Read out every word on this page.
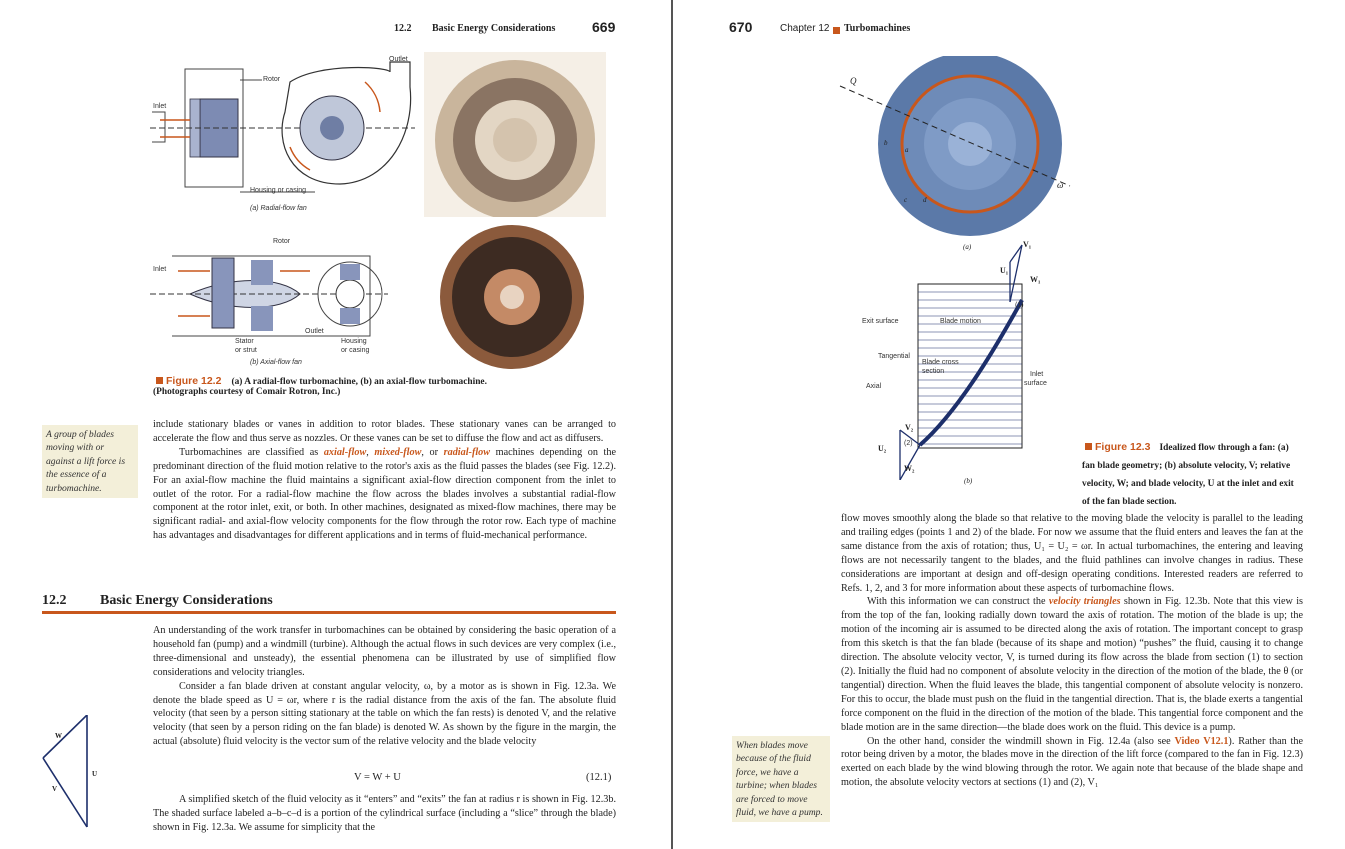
12.2 Basic Energy Considerations	669
Outlet
Rotor
Inlet
Housing or casing
(a) Radial-flow fan
Rotor
Inlet
Outlet
Stator
or strut
Housing
or casing
(b) Axial-flow fan
Figure 12.2 (a) A radial-flow turbomachine, (b) an axial-flow turbomachine.
(Photographs courtesy of Comair Rotron, Inc.)
A group of blades moving with or against a lift force is the essence of a turbomachine.

include stationary blades or vanes in addition to rotor blades. These stationary vanes can be arranged to accelerate the flow and thus serve as nozzles. Or these vanes can be set to diffuse the flow and act as diffusers.

Turbomachines are classified as axial-flow, mixed-flow, or radial-flow machines depending on the predominant direction of the fluid motion relative to the rotor's axis as the fluid passes the blades (see Fig. 12.2). For an axial-flow machine the fluid maintains a significant axial-flow direction component from the inlet to outlet of the rotor. For a radial-flow machine the flow across the blades involves a substantial radial-flow component at the rotor inlet, exit, or both. In other machines, designated as mixed-flow machines, there may be significant radial- and axial-flow velocity components for the flow through the rotor row. Each type of machine has advantages and disadvantages for different applications and in terms of fluid-mechanical performance.

12.2 Basic Energy Considerations

An understanding of the work transfer in turbomachines can be obtained by considering the basic operation of a household fan (pump) and a windmill (turbine). Although the actual flows in such devices are very complex (i.e., three-dimensional and unsteady), the essential phenomena can be illustrated by use of simplified flow considerations and velocity triangles.

Consider a fan blade driven at constant angular velocity, ω, by a motor as is shown in Fig. 12.3a. We denote the blade speed as U = ωr, where r is the radial distance from the axis of the fan. The absolute fluid velocity (that seen by a person sitting stationary at the table on which the fan rests) is denoted V, and the relative velocity (that seen by a person riding on the fan blade) is denoted W. As shown by the figure in the margin, the actual (absolute) fluid velocity is the vector sum of the relative velocity and the blade velocity

V = W + U	(12.1)

A simplified sketch of the fluid velocity as it “enters” and “exits” the fan at radius r is shown in Fig. 12.3b. The shaded surface labeled a–b–c–d is a portion of the cylindrical surface (including a “slice” through the blade) shown in Fig. 12.3a. We assume for simplicity that the

W
V
U
670	Chapter 12 Turbomachines
Q
ω
b
a
c d
(a)	V₁
U₁
W₁
(1)
Exit surface	Blade motion
Tangential
Blade cross
section	Inlet
surface
Axial
V₂
U₂
(2)
W₂
(b)
Figure 12.3 Idealized flow through a fan: (a) fan blade geometry; (b) absolute velocity, V; relative velocity, W; and blade velocity, U at the inlet and exit of the fan blade section.

flow moves smoothly along the blade so that relative to the moving blade the velocity is parallel to the leading and trailing edges (points 1 and 2) of the blade. For now we assume that the fluid enters and leaves the fan at the same distance from the axis of rotation; thus, U₁ = U₂ = ωr. In actual turbomachines, the entering and leaving flows are not necessarily tangent to the blades, and the fluid pathlines can involve changes in radius. These considerations are important at design and off-design operating conditions. Interested readers are referred to Refs. 1, 2, and 3 for more information about these aspects of turbomachine flows.

With this information we can construct the velocity triangles shown in Fig. 12.3b. Note that this view is from the top of the fan, looking radially down toward the axis of rotation. The motion of the blade is up; the motion of the incoming air is assumed to be directed along the axis of rotation. The important concept to grasp from this sketch is that the fan blade (because of its shape and motion) “pushes” the fluid, causing it to change direction. The absolute velocity vector, V, is turned during its flow across the blade from section (1) to section (2). Initially the fluid had no component of absolute velocity in the direction of the motion of the blade, the θ (or tangential) direction. When the fluid leaves the blade, this tangential component of absolute velocity is nonzero. For this to occur, the blade must push on the fluid in the tangential direction. That is, the blade exerts a tangential force component on the fluid in the direction of the motion of the blade. This tangential force component and the blade motion are in the same direction—the blade does work on the fluid. This device is a pump.

On the other hand, consider the windmill shown in Fig. 12.4a (also see Video V12.1). Rather than the rotor being driven by a motor, the blades move in the direction of the lift force (compared to the fan in Fig. 12.3) exerted on each blade by the wind blowing through the rotor. We again note that because of the blade shape and motion, the absolute velocity vectors at sections (1) and (2), V₁

When blades move because of the fluid force, we have a turbine; when blades are forced to move fluid, we have a pump.
